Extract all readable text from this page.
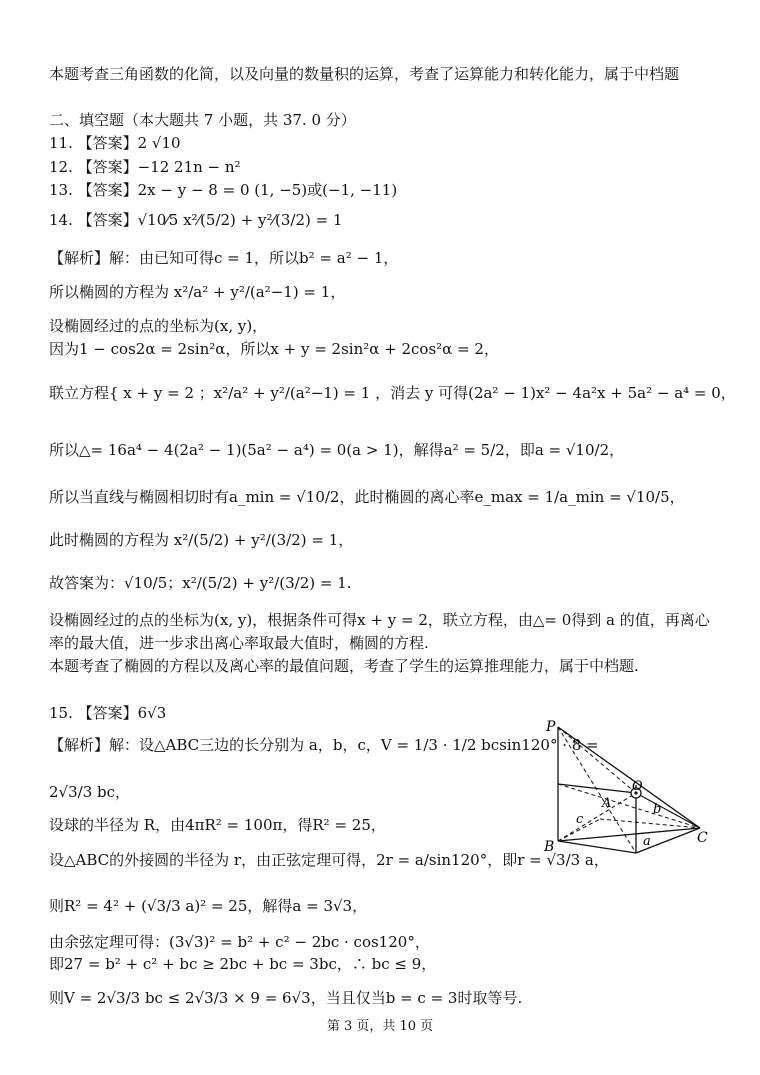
本题考查三角函数的化简，以及向量的数量积的运算，考查了运算能力和转化能力，属于中档题
二、填空题（本大题共 7 小题，共 37. 0 分）
11. 【答案】2 √10
12. 【答案】−12 21n − n²
13. 【答案】2x − y − 8 = 0 (1, −5)或(−1, −11)
14. 【答案】√10⁄5 x²⁄(5/2) + y²⁄(3/2) = 1
【解析】解：由已知可得c = 1，所以b² = a² − 1，
所以椭圆的方程为 x²/a² + y²/(a²−1) = 1，
设椭圆经过的点的坐标为(x, y)，
因为1 − cos2α = 2sin²α，所以x + y = 2sin²α + 2cos²α = 2，
联立方程{ x + y = 2 ；x²/a² + y²/(a²−1) = 1 ，消去 y 可得(2a² − 1)x² − 4a²x + 5a² − a⁴ = 0，
所以△= 16a⁴ − 4(2a² − 1)(5a² − a⁴) = 0(a > 1)，解得a² = 5/2，即a = √10/2，
所以当直线与椭圆相切时有a_min = √10/2，此时椭圆的离心率e_max = 1/a_min = √10/5，
此时椭圆的方程为 x²/(5/2) + y²/(3/2) = 1，
故答案为：√10/5；x²/(5/2) + y²/(3/2) = 1.
设椭圆经过的点的坐标为(x, y)，根据条件可得x + y = 2，联立方程，由△= 0得到 a 的值，再离心
率的最大值，进一步求出离心率取最大值时，椭圆的方程.
本题考查了椭圆的方程以及离心率的最值问题，考查了学生的运算推理能力，属于中档题.
15. 【答案】6√3
【解析】解：设△ABC三边的长分别为 a，b，c，V = 1/3 · 1/2 bcsin120° · 8 =
2√3/3 bc，
设球的半径为 R，由4πR² = 100π，得R² = 25，
设△ABC的外接圆的半径为 r，由正弦定理可得，2r = a/sin120°，即r = √3/3 a，
则R² = 4² + (√3/3 a)² = 25，解得a = 3√3，
由余弦定理可得：(3√3)² = b² + c² − 2bc · cos120°，
即27 = b² + c² + bc ≥ 2bc + bc = 3bc，∴ bc ≤ 9，
则V = 2√3/3 bc ≤ 2√3/3 × 9 = 6√3，当且仅当b = c = 3时取等号.
P
O
A	b
c
B	a	C
第 3 页，共 10 页
